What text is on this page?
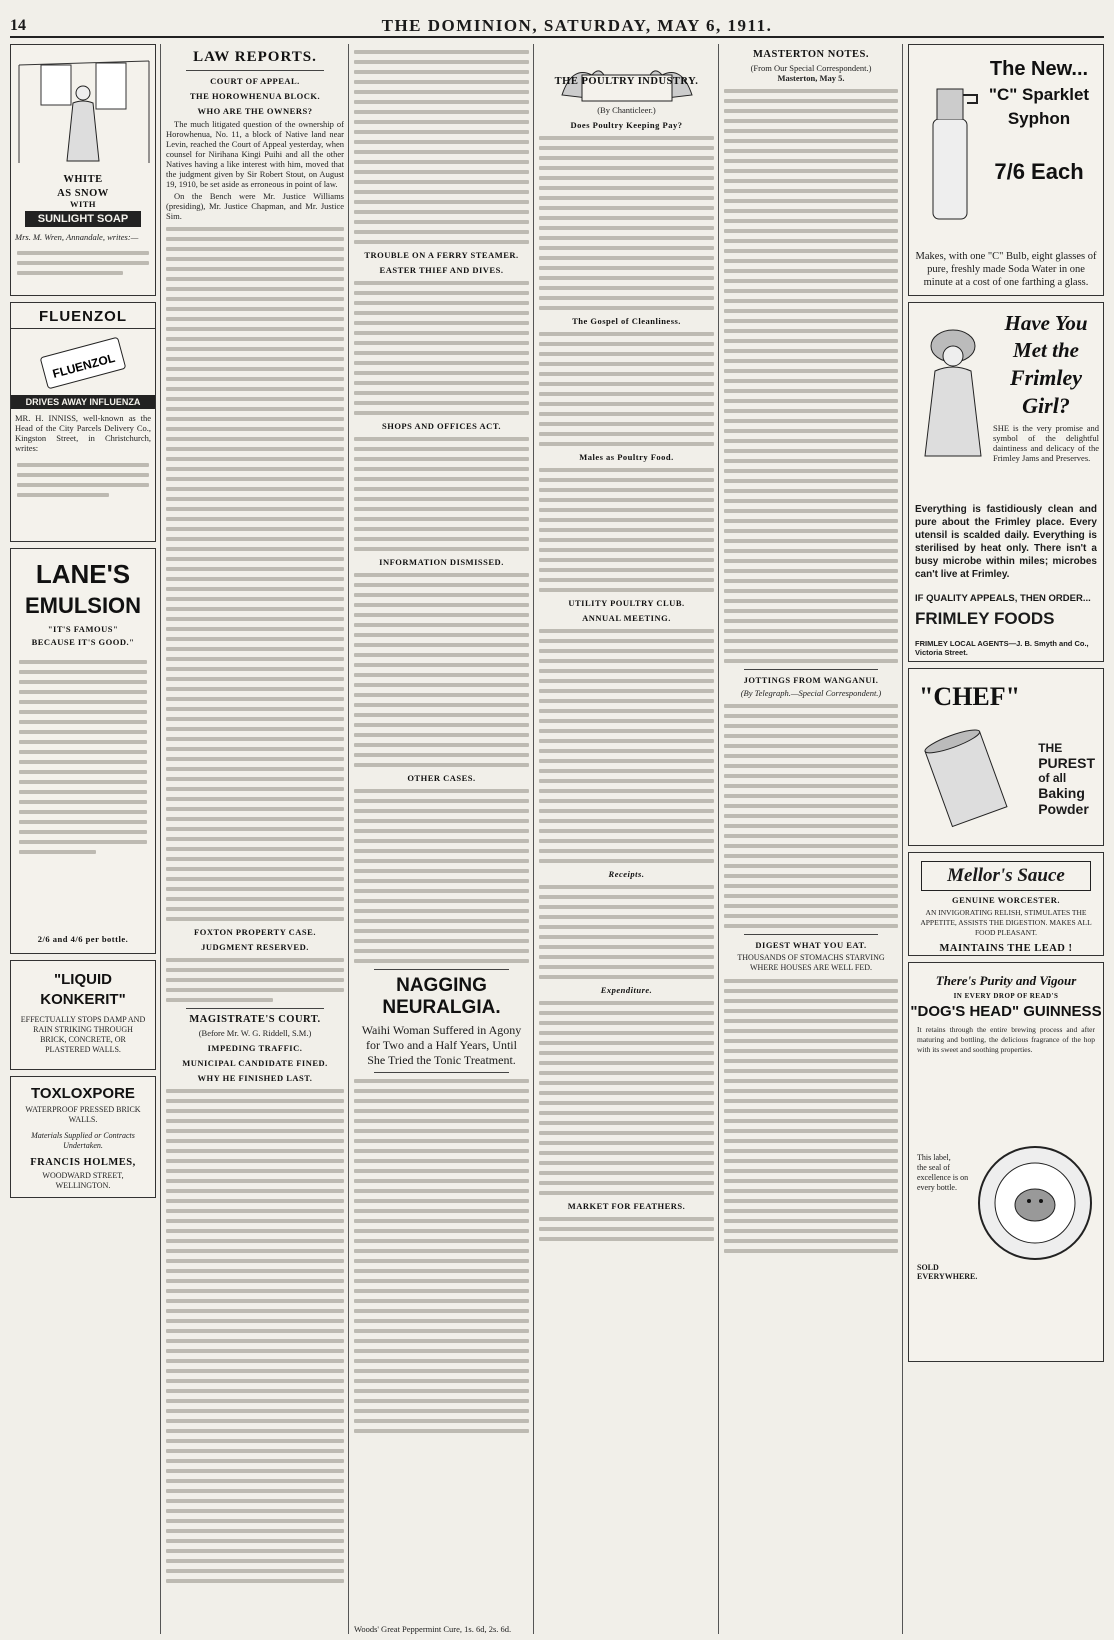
14	THE DOMINION, SATURDAY, MAY 6, 1911.
WHITE
AS SNOW
WITH
SUNLIGHT SOAP
Mrs. M. Wren, Annandale, writes:—
FLUENZOL
FLUENZOL
DRIVES AWAY INFLUENZA
MR. H. INNISS, well-known as the Head of the City Parcels Delivery Co., Kingston Street, in Christchurch, writes:
LANE'S
EMULSION
"IT'S FAMOUS"
BECAUSE IT'S GOOD."
2/6 and 4/6 per bottle.
"LIQUID
KONKERIT"
EFFECTUALLY STOPS DAMP AND RAIN STRIKING THROUGH BRICK, CONCRETE, OR PLASTERED WALLS.
TOXLOXPORE
WATERPROOF PRESSED BRICK WALLS.
Materials Supplied or Contracts Undertaken.
FRANCIS HOLMES,
WOODWARD STREET,
WELLINGTON.
LAW REPORTS.
COURT OF APPEAL.
THE HOROWHENUA BLOCK.
WHO ARE THE OWNERS?

The much litigated question of the ownership of Horowhenua, No. 11, a block of Native land near Levin, reached the Court of Appeal yesterday, when counsel for Nirihana Kingi Puihi and all the other Natives having a like interest with him, moved that the judgment given by Sir Robert Stout, on August 19, 1910, be set aside as erroneous in point of law.

On the Bench were Mr. Justice Williams (presiding), Mr. Justice Chapman, and Mr. Justice Sim.

FOXTON PROPERTY CASE.
JUDGMENT RESERVED.
MAGISTRATE'S COURT.
(Before Mr. W. G. Riddell, S.M.)
IMPEDING TRAFFIC.
MUNICIPAL CANDIDATE FINED.
WHY HE FINISHED LAST.
TROUBLE ON A FERRY STEAMER.
EASTER THIEF AND DIVES.
SHOPS AND OFFICES ACT.
INFORMATION DISMISSED.
OTHER CASES.
NAGGING NEURALGIA.
Waihi Woman Suffered in Agony for Two and a Half Years, Until She Tried the Tonic Treatment.
Woods' Great Peppermint Cure, 1s. 6d, 2s. 6d.
THE POULTRY INDUSTRY.
(By Chanticleer.)
Does Poultry Keeping Pay?
The Gospel of Cleanliness.
Males as Poultry Food.
UTILITY POULTRY CLUB.
ANNUAL MEETING.
Receipts.
Expenditure.
MARKET FOR FEATHERS.
MASTERTON NOTES.
(From Our Special Correspondent.)
Masterton, May 5.
JOTTINGS FROM WANGANUI.
(By Telegraph.—Special Correspondent.)
DIGEST WHAT YOU EAT.
THOUSANDS OF STOMACHS STARVING WHERE HOUSES ARE WELL FED.
The New...
"C" Sparklet
Syphon
7/6 Each
Makes, with one "C" Bulb, eight glasses of pure, freshly made Soda Water in one minute at a cost of one farthing a glass.
Have You
Met the
Frimley
Girl?
SHE is the very promise and symbol of the delightful daintiness and delicacy of the Frimley Jams and Preserves.
Everything is fastidiously clean and pure about the Frimley place. Every utensil is scalded daily. Everything is sterilised by heat only. There isn't a busy microbe within miles; microbes can't live at Frimley.
IF QUALITY APPEALS, THEN ORDER...
FRIMLEY FOODS
FRIMLEY LOCAL AGENTS—J. B. Smyth and Co., Victoria Street.
"CHEF"
THE
PUREST
of all
Baking
Powder
Mellor's Sauce
GENUINE WORCESTER.
AN INVIGORATING RELISH, STIMULATES THE APPETITE, ASSISTS THE DIGESTION. MAKES ALL FOOD PLEASANT.
MAINTAINS THE LEAD !
There's Purity and Vigour
IN EVERY DROP OF READ'S
"DOG'S HEAD" GUINNESS
It retains through the entire brewing process and after maturing and bottling, the delicious fragrance of the hop with its sweet and soothing properties.
This label,
the seal of
excellence is on
every bottle.
SOLD EVERYWHERE.
